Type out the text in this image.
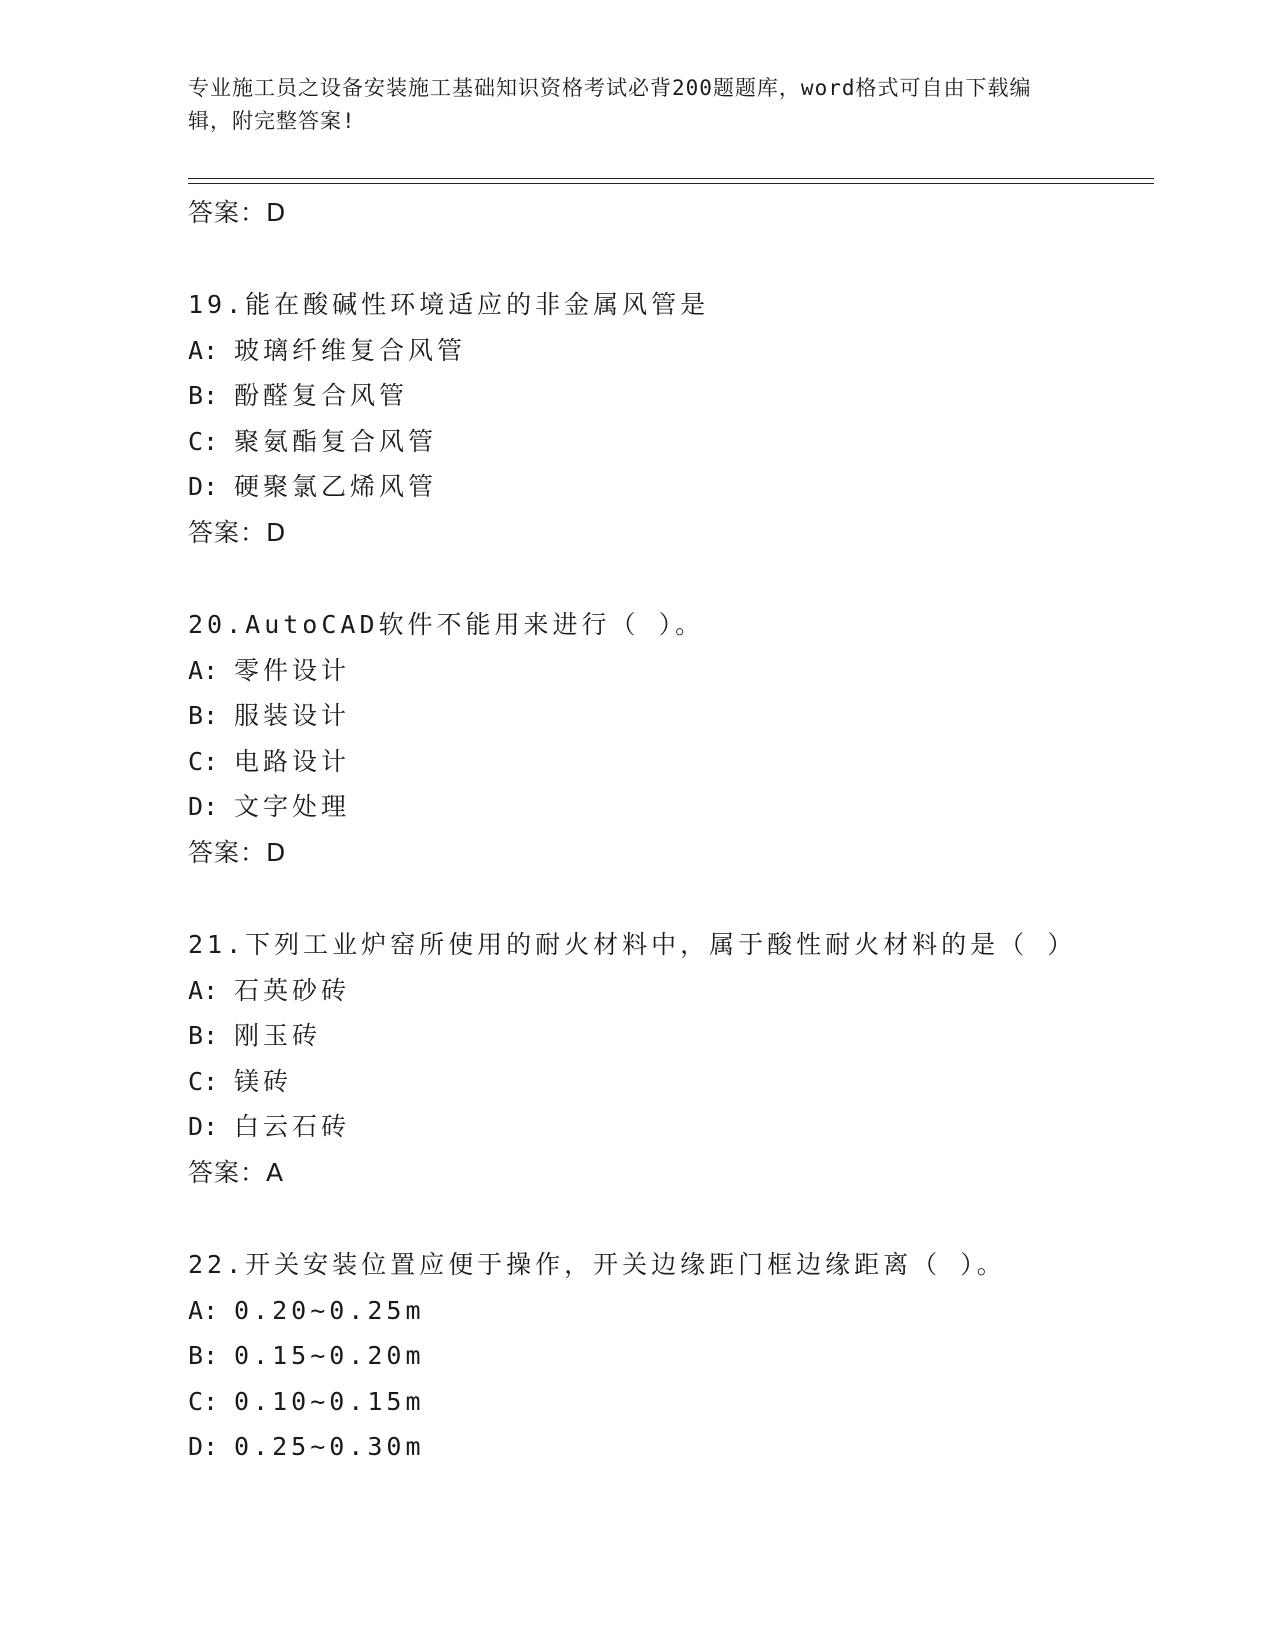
专业施工员之设备安装施工基础知识资格考试必背200题题库，word格式可自由下载编辑，附完整答案!
答案：D
19.能在酸碱性环境适应的非金属风管是
A: 玻璃纤维复合风管
B: 酚醛复合风管
C: 聚氨酯复合风管
D: 硬聚氯乙烯风管
答案：D
20.AutoCAD软件不能用来进行（ ）。
A: 零件设计
B: 服装设计
C: 电路设计
D: 文字处理
答案：D
21.下列工业炉窑所使用的耐火材料中，属于酸性耐火材料的是（ ）
A: 石英砂砖
B: 刚玉砖
C: 镁砖
D: 白云石砖
答案：A
22.开关安装位置应便于操作，开关边缘距门框边缘距离（ ）。
A: 0.20~0.25m
B: 0.15~0.20m
C: 0.10~0.15m
D: 0.25~0.30m
